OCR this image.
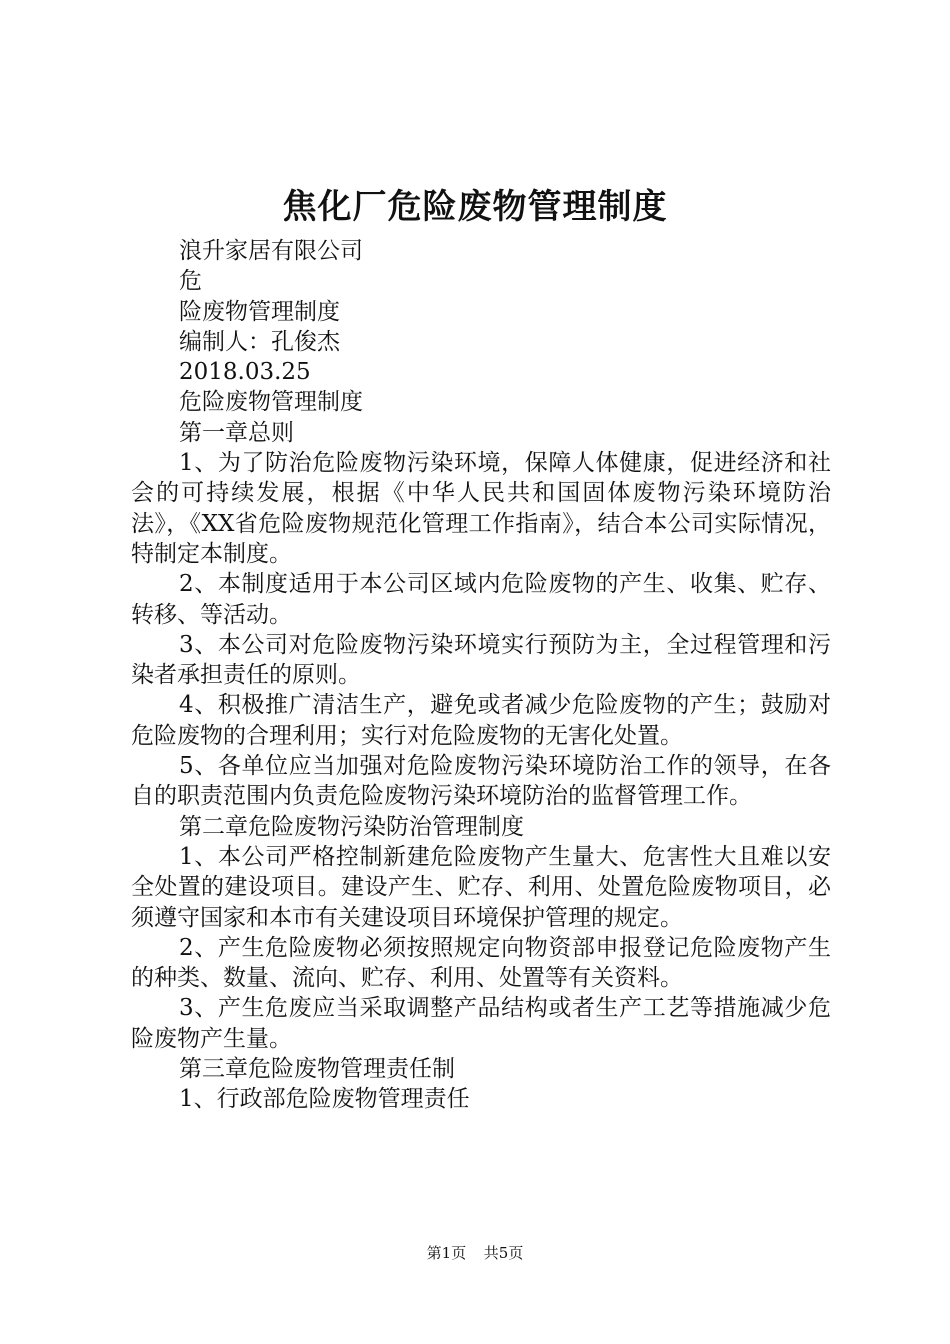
焦化厂危险废物管理制度

浪升家居有限公司

危

险废物管理制度

编制人：孔俊杰

2018.03.25

危险废物管理制度

第一章总则

1、为了防治危险废物污染环境，保障人体健康，促进经济和社会的可持续发展，根据《中华人民共和国固体废物污染环境防治法》，《XX省危险废物规范化管理工作指南》，结合本公司实际情况，特制定本制度。

2、本制度适用于本公司区域内危险废物的产生、收集、贮存、转移、等活动。

3、本公司对危险废物污染环境实行预防为主，全过程管理和污染者承担责任的原则。

4、积极推广清洁生产，避免或者减少危险废物的产生；鼓励对危险废物的合理利用；实行对危险废物的无害化处置。

5、各单位应当加强对危险废物污染环境防治工作的领导，在各自的职责范围内负责危险废物污染环境防治的监督管理工作。

第二章危险废物污染防治管理制度

1、本公司严格控制新建危险废物产生量大、危害性大且难以安全处置的建设项目。建设产生、贮存、利用、处置危险废物项目，必须遵守国家和本市有关建设项目环境保护管理的规定。

2、产生危险废物必须按照规定向物资部申报登记危险废物产生的种类、数量、流向、贮存、利用、处置等有关资料。

3、产生危废应当采取调整产品结构或者生产工艺等措施减少危险废物产生量。

第三章危险废物管理责任制

1、行政部危险废物管理责任

第1页 共5页
